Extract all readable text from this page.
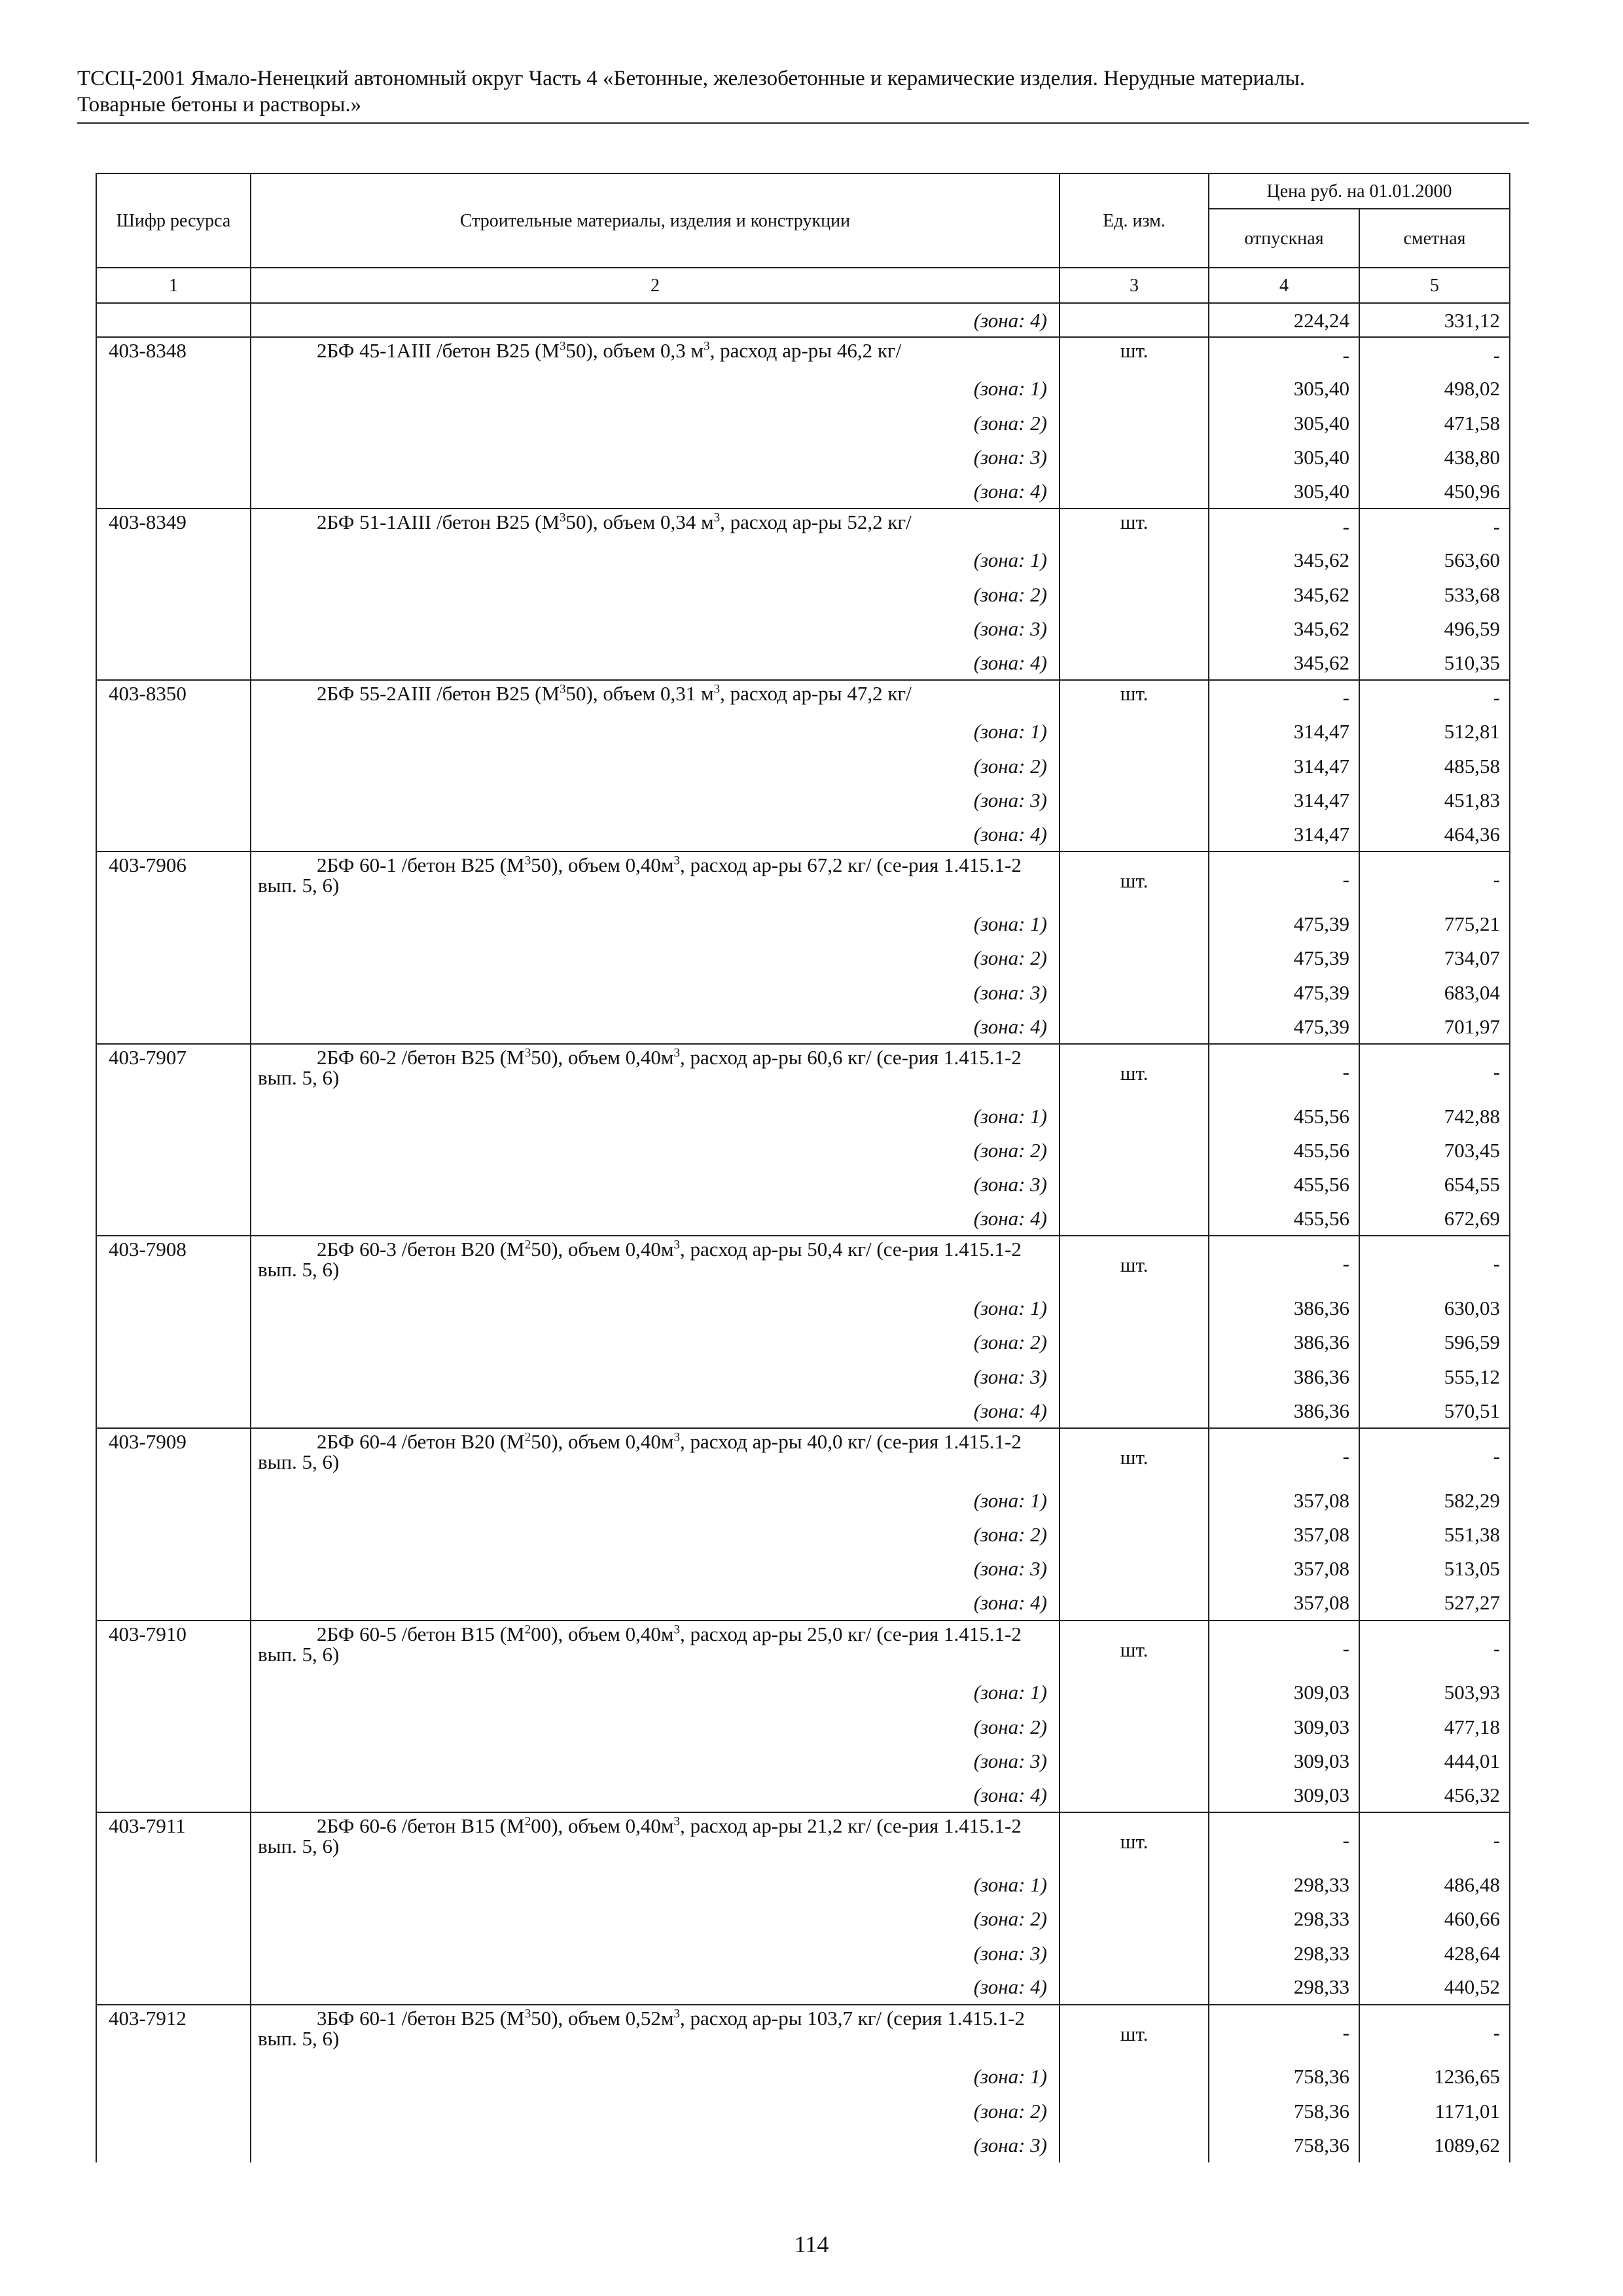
ТССЦ-2001 Ямало-Ненецкий автономный округ Часть 4 «Бетонные, железобетонные и керамические изделия. Нерудные материалы.
Товарные бетоны и растворы.»
Шифр ресурса	Строительные материалы, изделия и конструкции	Ед. изм.	Цена руб. на 01.01.2000	
			отпускная	сметная
1	2	3	4	5
	(зона: 4)		224,24	331,12
403-8348	2БФ 45-1АIII /бетон В25 $(М^350)$, объем 0,3 $м^3$, расход ар-ры 46,2 кг/	шт.	-	-
	(зона: 1)		305,40	498,02
	(зона: 2)		305,40	471,58
	(зона: 3)		305,40	438,80
	(зона: 4)		305,40	450,96
403-8349	2БФ 51-1АIII /бетон В25 $(М^350)$, объем 0,34 $м^3$, расход ар-ры 52,2 кг/	шт.	-	-
	(зона: 1)		345,62	563,60
	(зона: 2)		345,62	533,68
	(зона: 3)		345,62	496,59
	(зона: 4)		345,62	510,35
403-8350	2БФ 55-2АIII /бетон В25 $(М^350)$, объем 0,31 $м^3$, расход ар-ры 47,2 кг/	шт.	-	-
	(зона: 1)		314,47	512,81
	(зона: 2)		314,47	485,58
	(зона: 3)		314,47	451,83
	(зона: 4)		314,47	464,36
403-7906	2БФ 60-1 /бетон В25 $(М^350)$, объем $0,40м^3$, расход ар-ры 67,2 кг/ (се-рия 1.415.1-2 вып. 5, 6)	шт.	-	-
	(зона: 1)		475,39	775,21
	(зона: 2)		475,39	734,07
	(зона: 3)		475,39	683,04
	(зона: 4)		475,39	701,97
403-7907	2БФ 60-2 /бетон В25 $(М^350)$, объем $0,40м^3$, расход ар-ры 60,6 кг/ (се-рия 1.415.1-2 вып. 5, 6)	шт.	-	-
	(зона: 1)		455,56	742,88
	(зона: 2)		455,56	703,45
	(зона: 3)		455,56	654,55
	(зона: 4)		455,56	672,69
403-7908	2БФ 60-3 /бетон В20 $(М^250)$, объем $0,40м^3$, расход ар-ры 50,4 кг/ (се-рия 1.415.1-2 вып. 5, 6)	шт.	-	-
	(зона: 1)		386,36	630,03
	(зона: 2)		386,36	596,59
	(зона: 3)		386,36	555,12
	(зона: 4)		386,36	570,51
403-7909	2БФ 60-4 /бетон В20 $(М^250)$, объем $0,40м^3$, расход ар-ры 40,0 кг/ (се-рия 1.415.1-2 вып. 5, 6)	шт.	-	-
	(зона: 1)		357,08	582,29
	(зона: 2)		357,08	551,38
	(зона: 3)		357,08	513,05
	(зона: 4)		357,08	527,27
403-7910	2БФ 60-5 /бетон В15 $(М^200)$, объем $0,40м^3$, расход ар-ры 25,0 кг/ (се-рия 1.415.1-2 вып. 5, 6)	шт.	-	-
	(зона: 1)		309,03	503,93
	(зона: 2)		309,03	477,18
	(зона: 3)		309,03	444,01
	(зона: 4)		309,03	456,32
403-7911	2БФ 60-6 /бетон В15 $(М^200)$, объем $0,40м^3$, расход ар-ры 21,2 кг/ (се-рия 1.415.1-2 вып. 5, 6)	шт.	-	-
	(зона: 1)		298,33	486,48
	(зона: 2)		298,33	460,66
	(зона: 3)		298,33	428,64
	(зона: 4)		298,33	440,52
403-7912	3БФ 60-1 /бетон В25 $(М^350)$, объем $0,52м^3$, расход ар-ры 103,7 кг/ (серия 1.415.1-2 вып. 5, 6)	шт.	-	-
	(зона: 1)		758,36	1236,65
	(зона: 2)		758,36	1171,01
	(зона: 3)		758,36	1089,62
114
